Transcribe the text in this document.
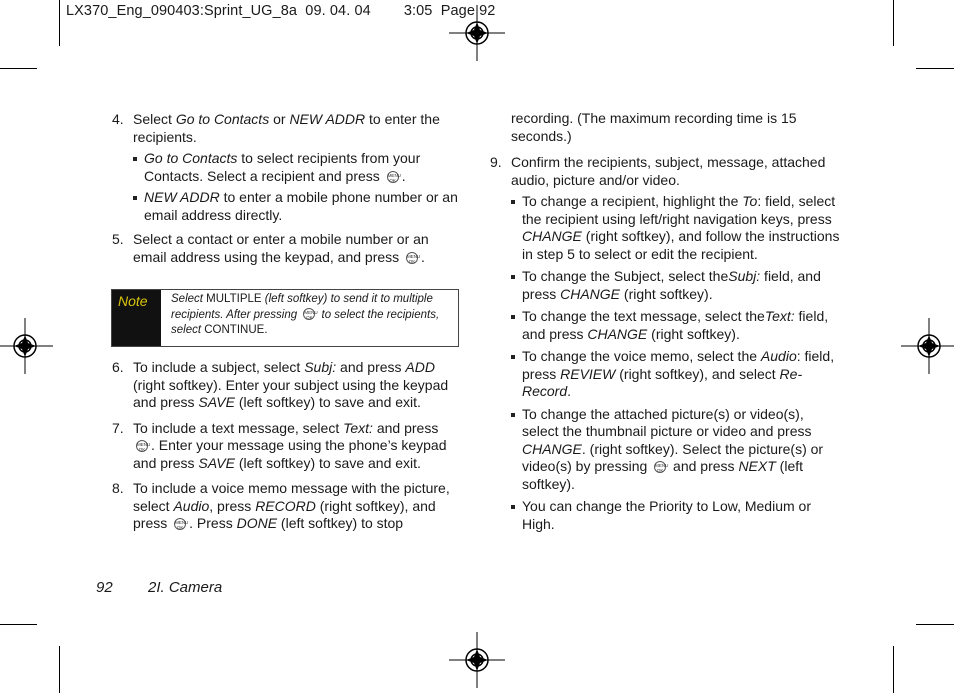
LX370_Eng_090403:Sprint_UG_8a  09. 04. 04        3:05  Page 92

4. Select Go to Contacts or NEW ADDR to enter the recipients.

Go to Contacts to select recipients from your Contacts. Select a recipient and press MENU OK .

NEW ADDR to enter a mobile phone number or an email address directly.

5. Select a contact or enter a mobile number or an email address using the keypad, and press MENU OK .

Note	Select MULTIPLE (left softkey) to send it to multiple recipients. After pressing MENU OK to select the recipients, select CONTINUE.

6. To include a subject, select Subj: and press ADD (right softkey). Enter your subject using the keypad and press SAVE (left softkey) to save and exit.

7. To include a text message, select Text: and press MENU OK . Enter your message using the phone’s keypad and press SAVE (left softkey) to save and exit.

8. To include a voice memo message with the picture, select Audio, press RECORD (right softkey), and press MENU OK . Press DONE (left softkey) to stop

recording. (The maximum recording time is 15 seconds.)

9. Confirm the recipients, subject, message, attached audio, picture and/or video.

To change a recipient, highlight the To: field, select the recipient using left/right navigation keys, press CHANGE (right softkey), and follow the instructions in step 5 to select or edit the recipient.

To change the Subject, select theSubj: field, and press CHANGE (right softkey).

To change the text message, select theText: field, and press CHANGE (right softkey).

To change the voice memo, select the Audio: field, press REVIEW (right softkey), and select Re-Record.

To change the attached picture(s) or video(s), select the thumbnail picture or video and press CHANGE. (right softkey). Select the picture(s) or video(s) by pressing MENU OK and press NEXT (left softkey).

You can change the Priority to Low, Medium or High.

92 2I. Camera
